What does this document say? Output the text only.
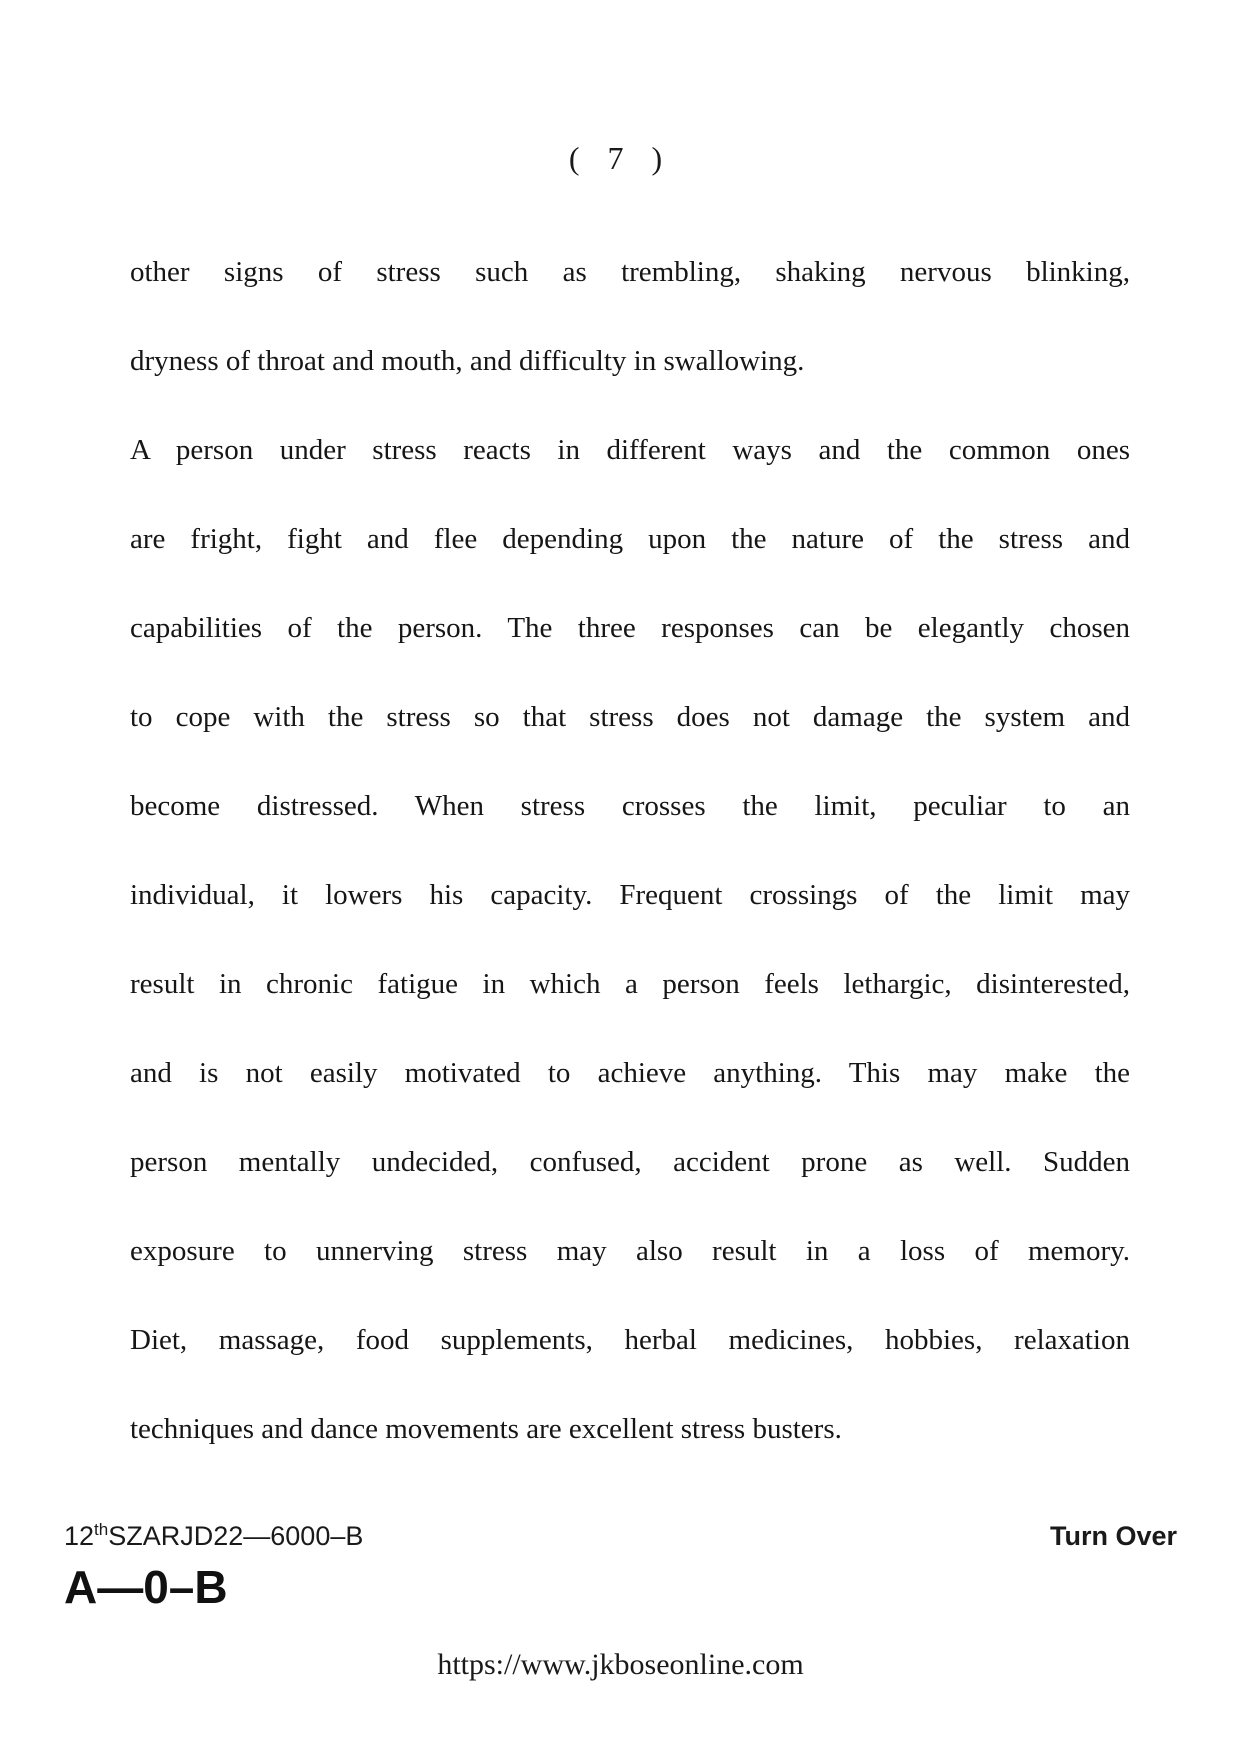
( 7 )
other signs of stress such as trembling, shaking nervous blinking,
dryness of throat and mouth, and difficulty in swallowing.
A person under stress reacts in different ways and the common ones
are fright, fight and flee depending upon the nature of the stress and
capabilities of the person. The three responses can be elegantly chosen
to cope with the stress so that stress does not damage the system and
become distressed. When stress crosses the limit, peculiar to an
individual, it lowers his capacity. Frequent crossings of the limit may
result in chronic fatigue in which a person feels lethargic, disinterested,
and is not easily motivated to achieve anything. This may make the
person mentally undecided, confused, accident prone as well. Sudden
exposure to unnerving stress may also result in a loss of memory.
Diet, massage, food supplements, herbal medicines, hobbies, relaxation
techniques and dance movements are excellent stress busters.
12thSZARJD22—6000–B	Turn Over
A—0–B
https://www.jkboseonline.com
